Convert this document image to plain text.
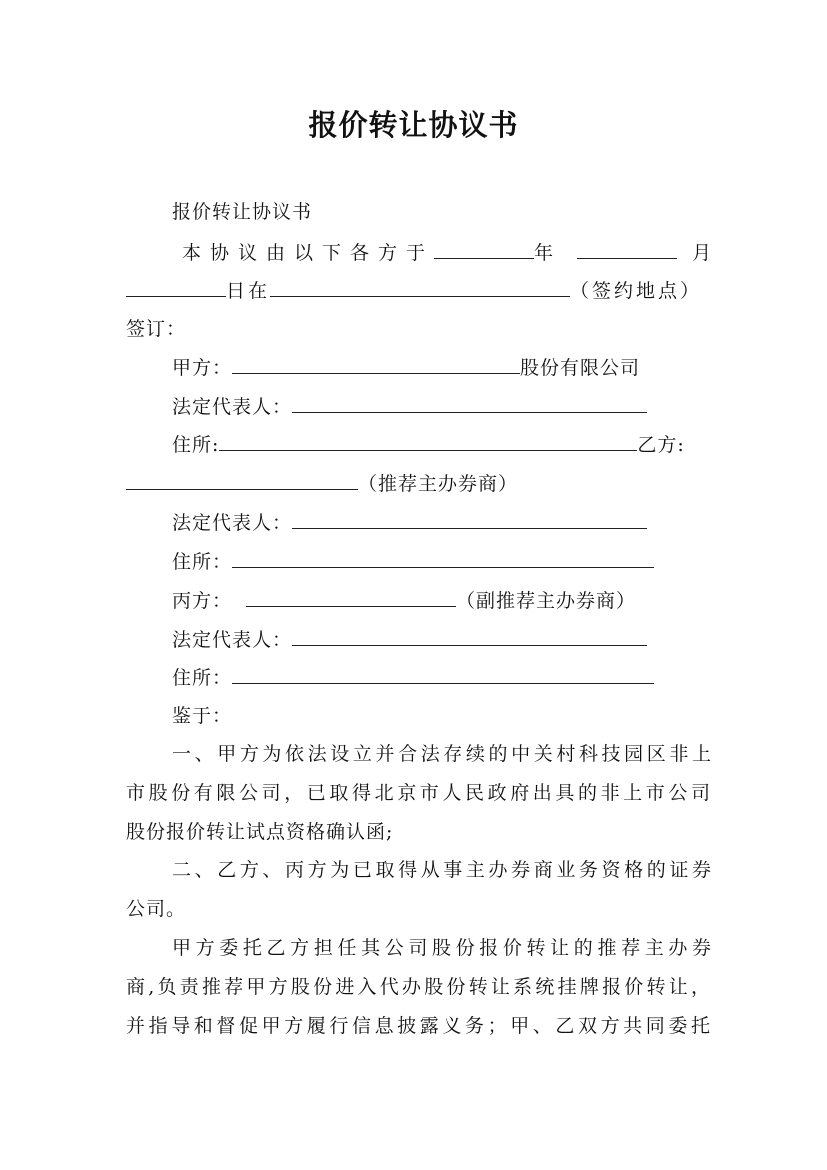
报价转让协议书
报价转让协议书
本协议由以下各方于	年	月
日在	（签约地点）
签订：
甲方：	股份有限公司
法定代表人：
住所:	乙方:
（推荐主办券商）
法定代表人：
住所：
丙方：	（副推荐主办券商）
法定代表人：
住所：
鉴于：
一、甲方为依法设立并合法存续的中关村科技园区非上
市股份有限公司，已取得北京市人民政府出具的非上市公司
股份报价转让试点资格确认函;
二、乙方、丙方为已取得从事主办券商业务资格的证券
公司。
甲方委托乙方担任其公司股份报价转让的推荐主办券
商,负责推荐甲方股份进入代办股份转让系统挂牌报价转让，
并指导和督促甲方履行信息披露义务；甲、乙双方共同委托
